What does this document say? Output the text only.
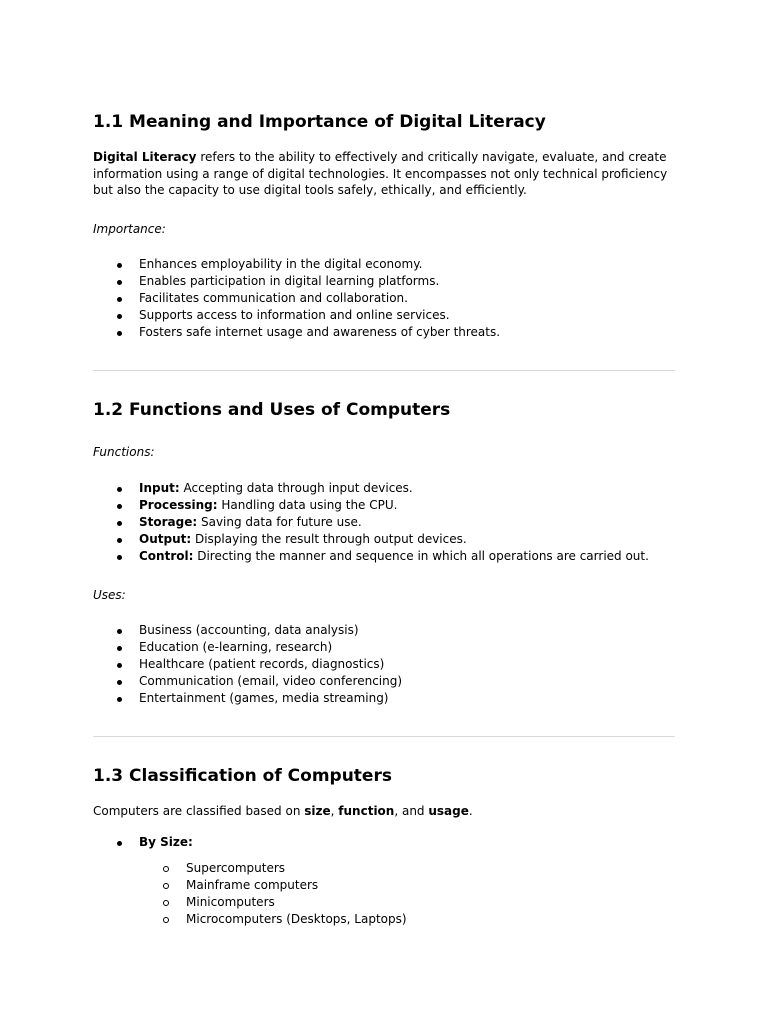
1.1 Meaning and Importance of Digital Literacy

Digital Literacy refers to the ability to effectively and critically navigate, evaluate, and create
information using a range of digital technologies. It encompasses not only technical proficiency
but also the capacity to use digital tools safely, ethically, and efficiently.

Importance:

Enhances employability in the digital economy.
Enables participation in digital learning platforms.
Facilitates communication and collaboration.
Supports access to information and online services.
Fosters safe internet usage and awareness of cyber threats.
1.2 Functions and Uses of Computers

Functions:

Input: Accepting data through input devices.
Processing: Handling data using the CPU.
Storage: Saving data for future use.
Output: Displaying the result through output devices.
Control: Directing the manner and sequence in which all operations are carried out.

Uses:

Business (accounting, data analysis)
Education (e-learning, research)
Healthcare (patient records, diagnostics)
Communication (email, video conferencing)
Entertainment (games, media streaming)
1.3 Classification of Computers

Computers are classified based on size, function, and usage.

By Size:
Supercomputers
Mainframe computers
Minicomputers
Microcomputers (Desktops, Laptops)
